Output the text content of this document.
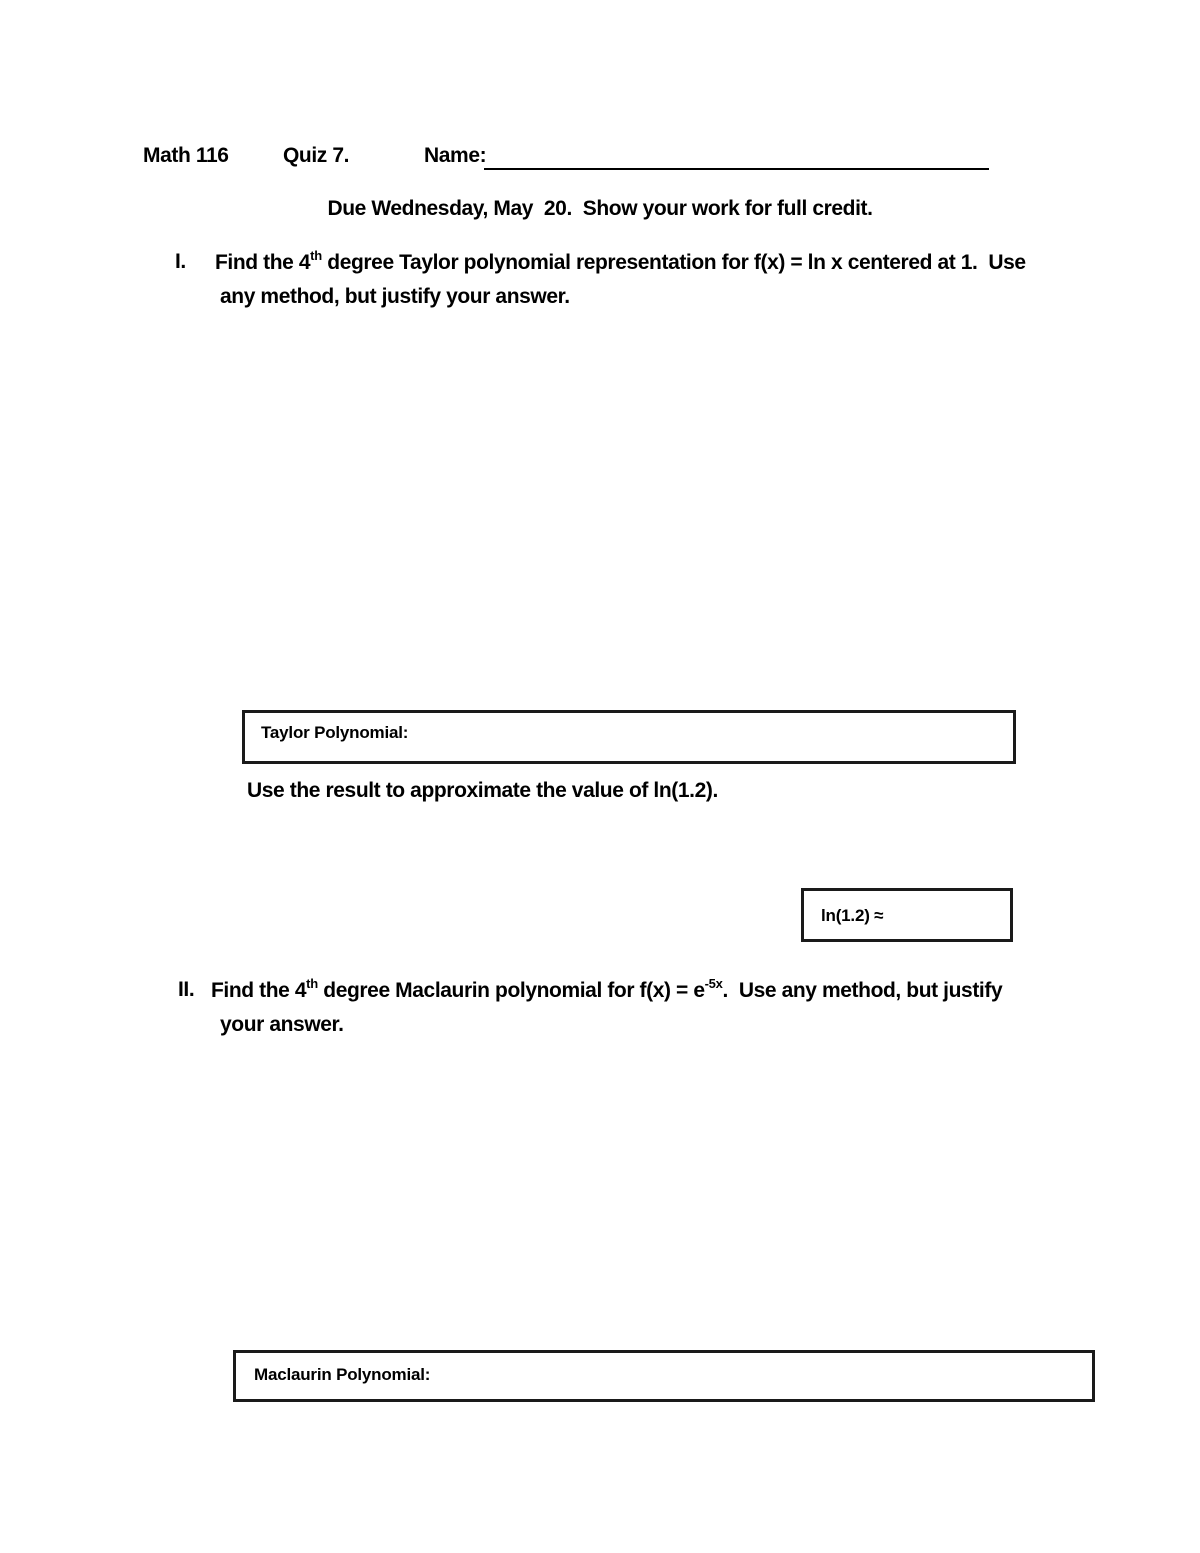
Math 116	Quiz 7.	Name:
Due Wednesday, May  20.  Show your work for full credit.
I. Find the 4th degree Taylor polynomial representation for f(x) = ln x centered at 1.  Use
any method, but justify your answer.
Taylor Polynomial:
Use the result to approximate the value of ln(1.2).
ln(1.2) ≈
II. Find the 4th degree Maclaurin polynomial for $f(x) = e^{-5x}$.  Use any method, but justify
your answer.
Maclaurin Polynomial:
